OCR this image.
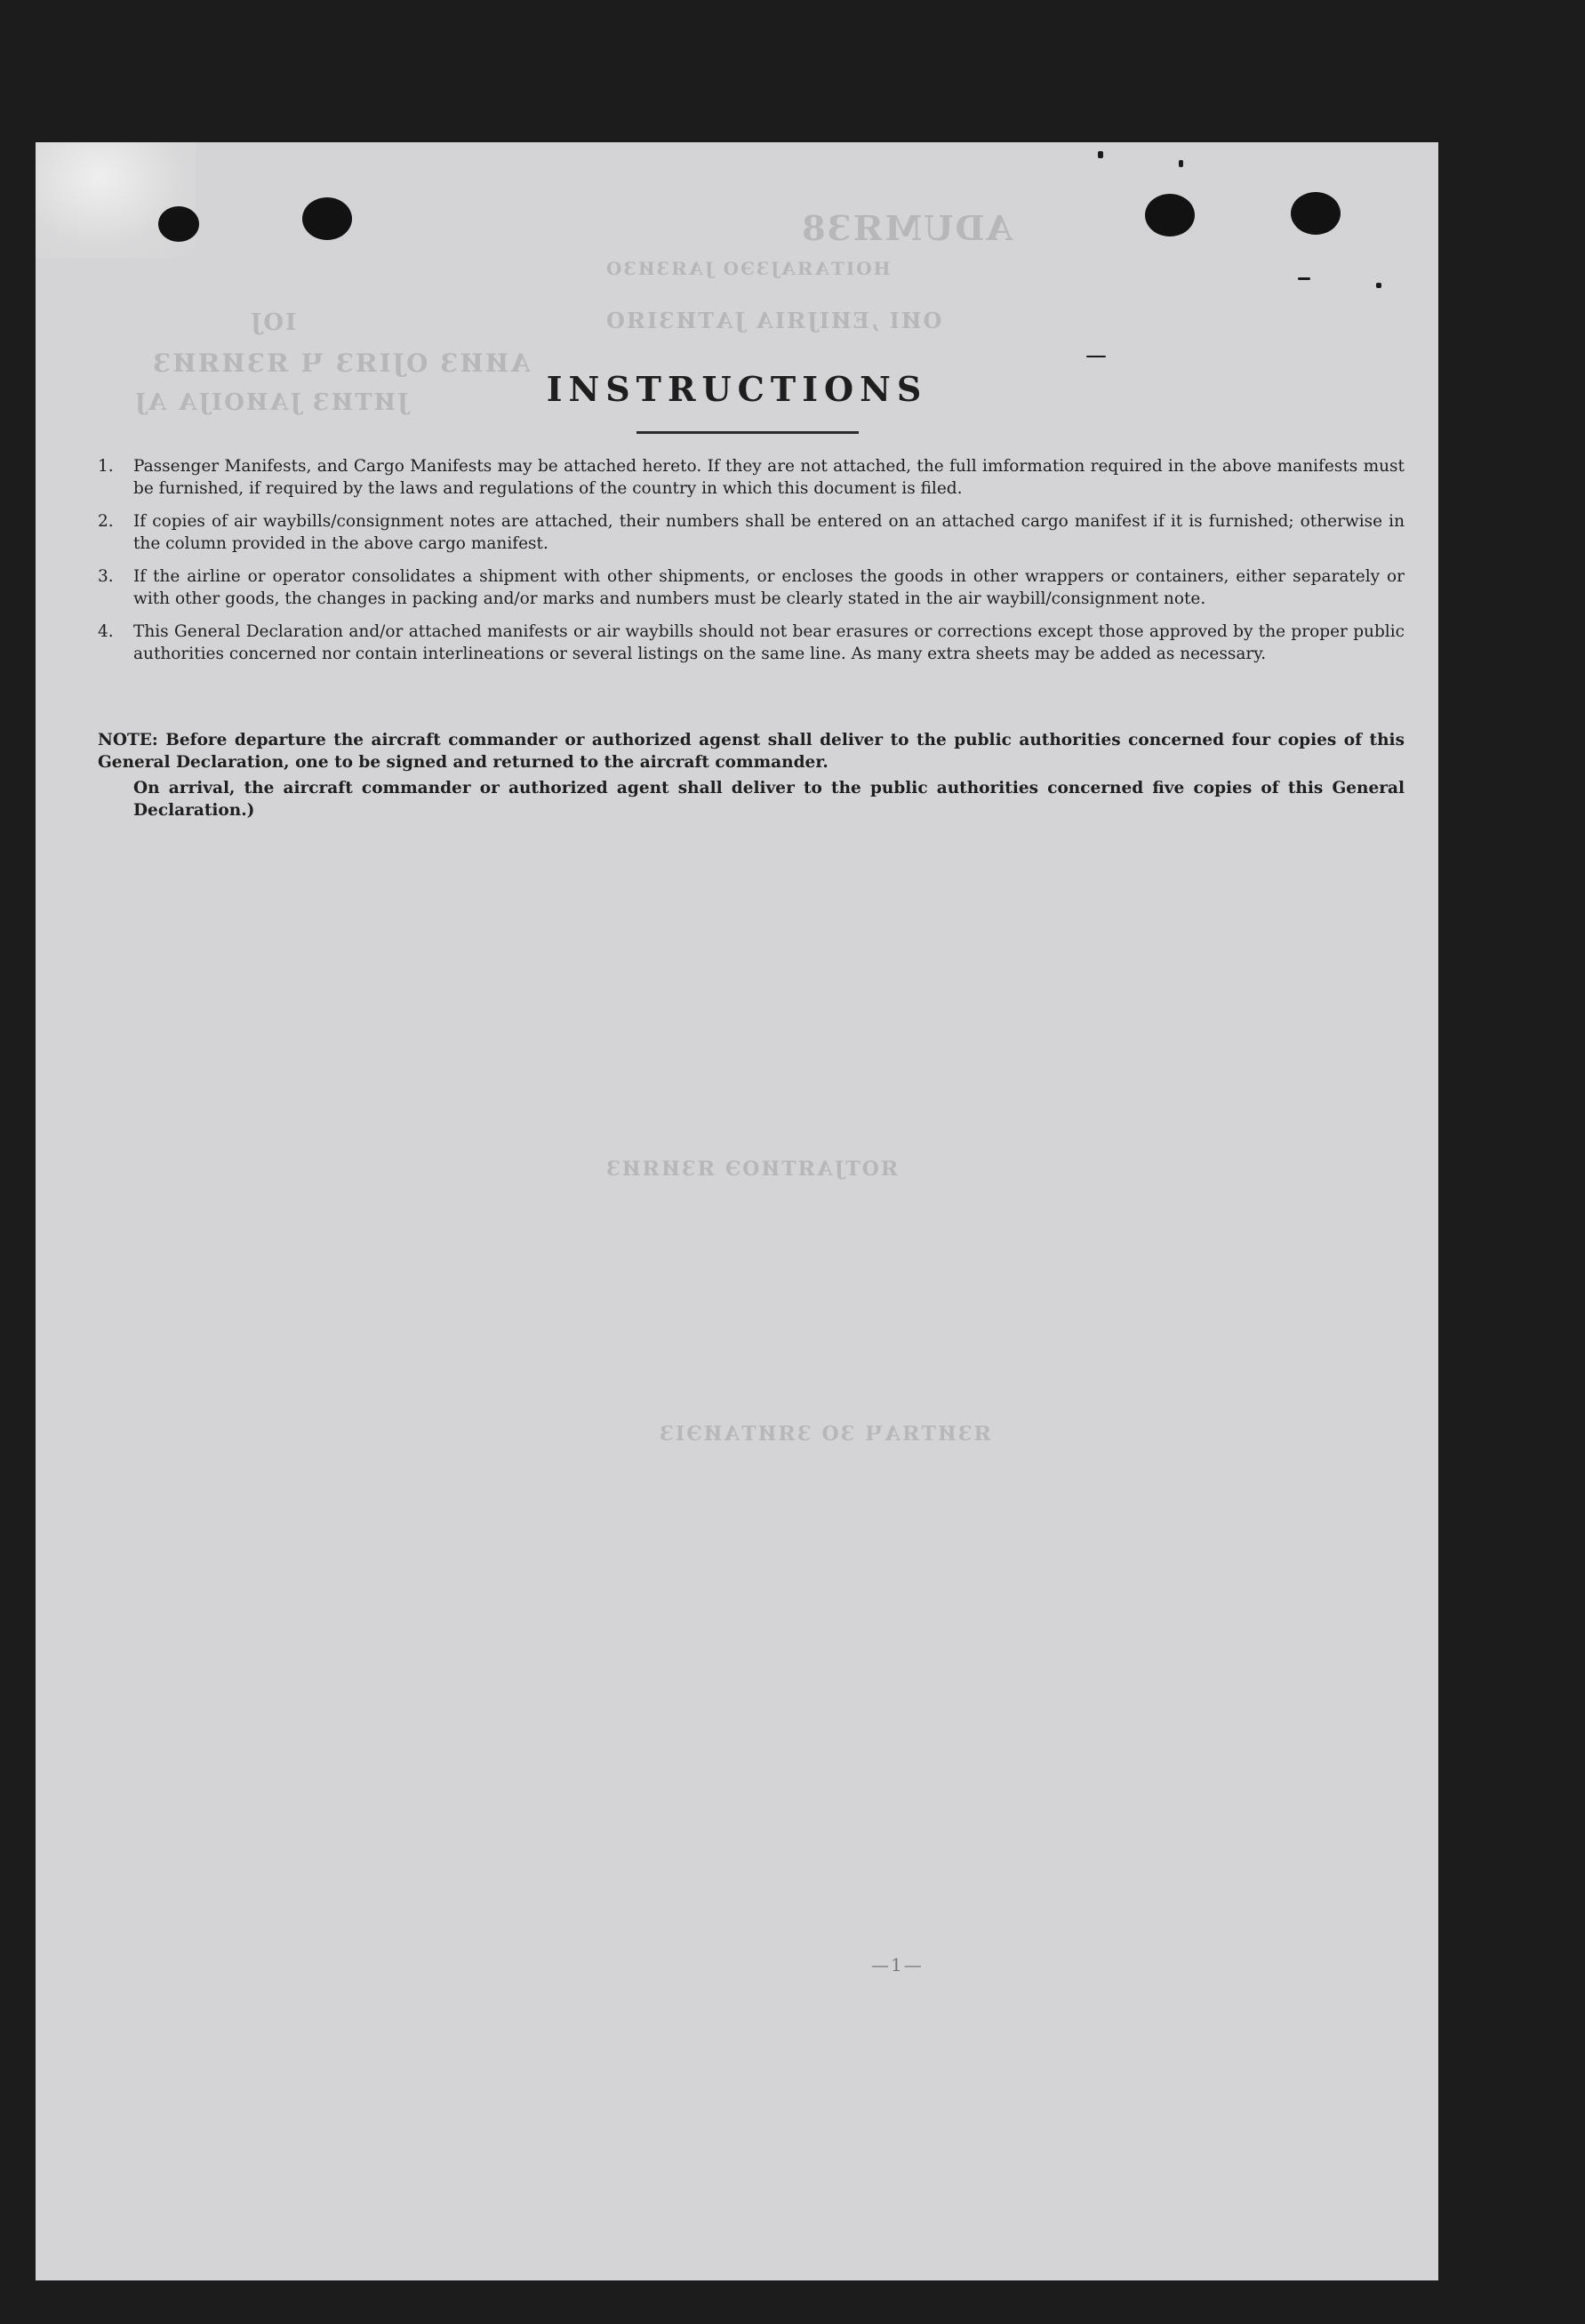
ADUMЯЗ8
НОІТАЯАЈЗЭО ЈАЯЗИЗО
ОИІ ,ЕИІЈЯІА ЈАТИЗІЯО
ІОЈ
АИИЗ ОЈІЯЗ Ч ЯЗИЯИЗ
ЈИТИЗ ЈАИОІЈА АЈ
ЯОТЈАЯТИОЭ ЯЗИЯИЗ
ЯЗИТЯАЧ ЗО ЗЯИТАИЭІЗ
INSTRUCTIONS
1.	Passenger Manifests, and Cargo Manifests may be attached hereto. If they are not attached, the full imformation required in the above manifests must be furnished, if required by the laws and regulations of the country in which this document is filed.
2.	If copies of air waybills/consignment notes are attached, their numbers shall be entered on an attached cargo manifest if it is furnished; otherwise in the column provided in the above cargo manifest.
3.	If the airline or operator consolidates a shipment with other shipments, or encloses the goods in other wrappers or containers, either separately or with other goods, the changes in packing and/or marks and numbers must be clearly stated in the air waybill/consignment note.
4.	This General Declaration and/or attached manifests or air waybills should not bear erasures or corrections except those approved by the proper public authorities concerned nor contain interlineations or several listings on the same line. As many extra sheets may be added as necessary.

NOTE: Before departure the aircraft commander or authorized agenst shall deliver to the public authorities concerned four copies of this General Declaration, one to be signed and returned to the aircraft commander.

On arrival, the aircraft commander or authorized agent shall deliver to the public authorities concerned five copies of this General Declaration.)

—1—
